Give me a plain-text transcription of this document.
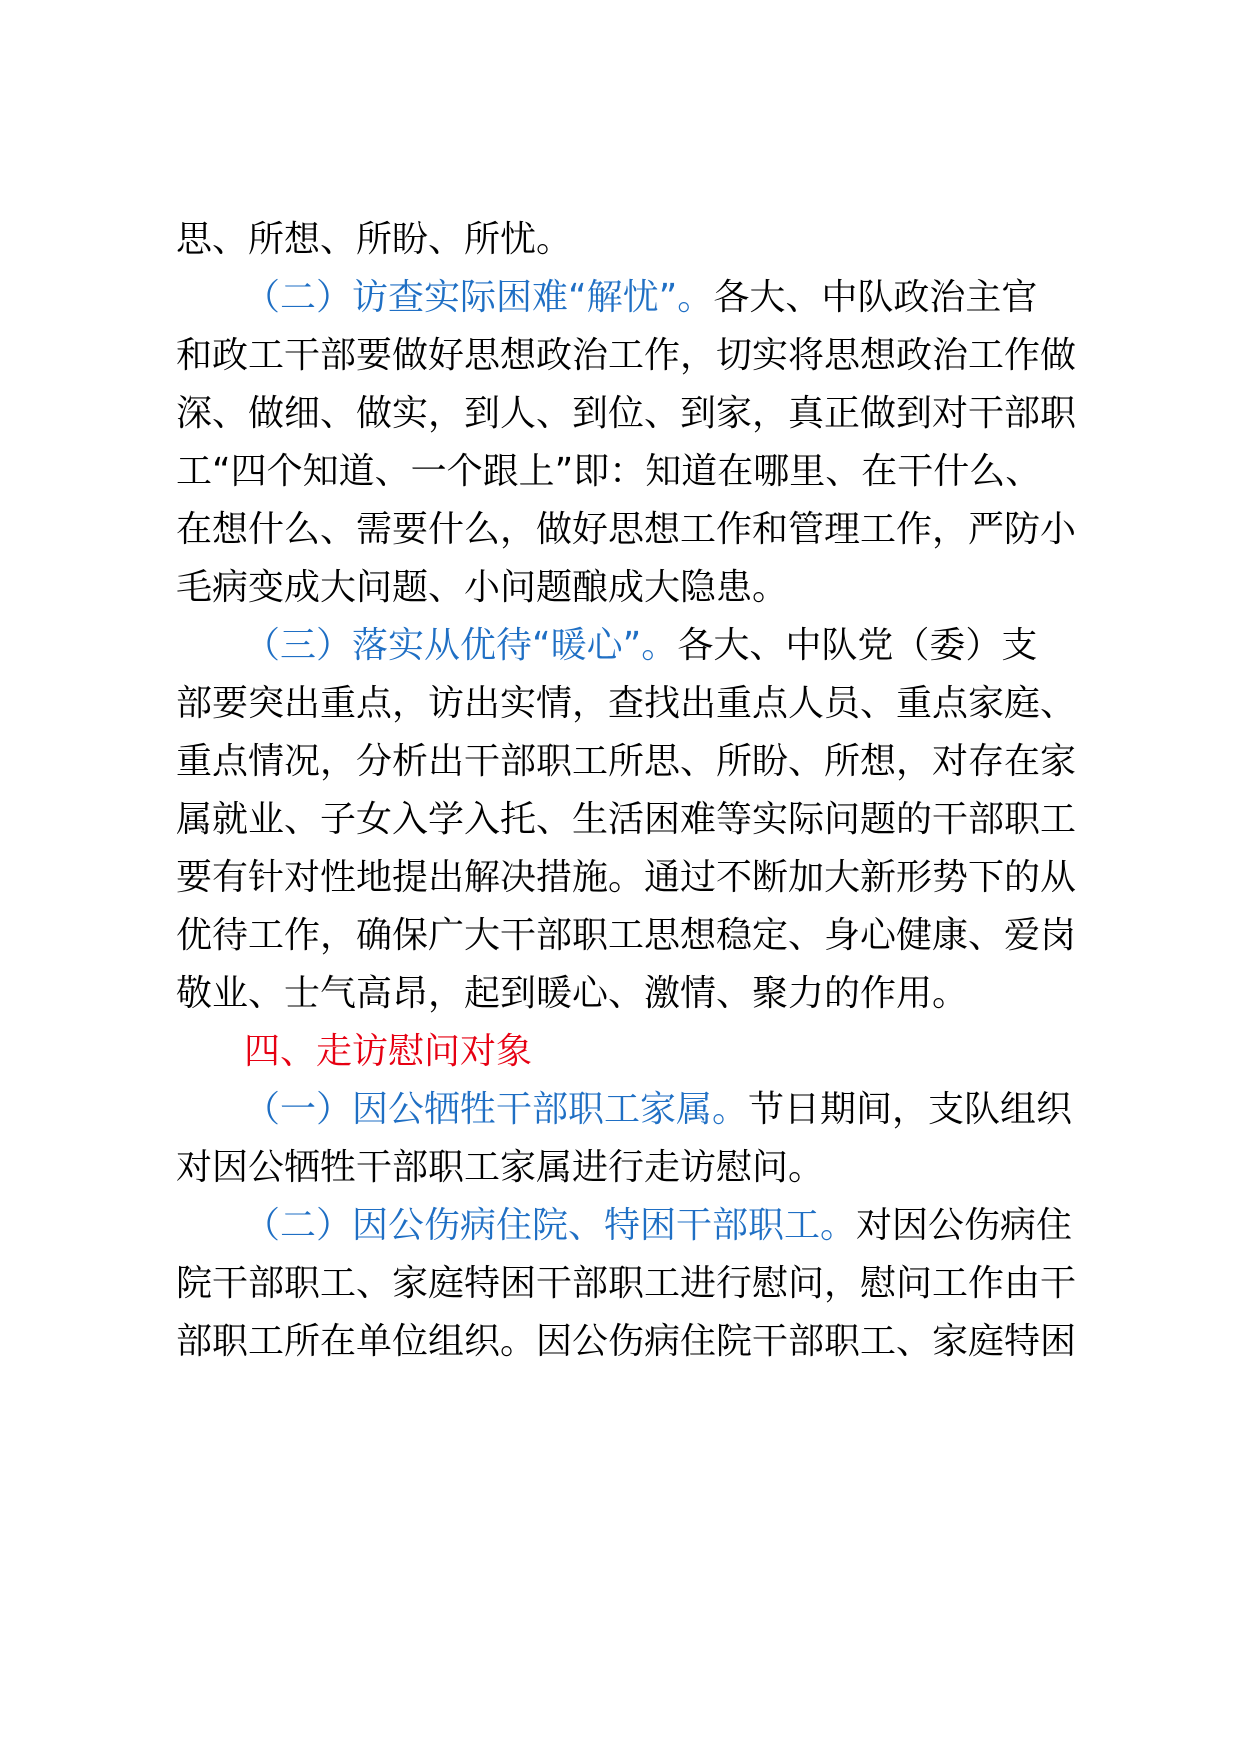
思、所想、所盼、所忧。
（二）访查实际困难“解忧”。各大、中队政治主官
和政工干部要做好思想政治工作，切实将思想政治工作做
深、做细、做实，到人、到位、到家，真正做到对干部职
工“四个知道、一个跟上”即：知道在哪里、在干什么、
在想什么、需要什么，做好思想工作和管理工作，严防小
毛病变成大问题、小问题酿成大隐患。
（三）落实从优待“暖心”。各大、中队党（委）支
部要突出重点，访出实情，查找出重点人员、重点家庭、
重点情况，分析出干部职工所思、所盼、所想，对存在家
属就业、子女入学入托、生活困难等实际问题的干部职工
要有针对性地提出解决措施。通过不断加大新形势下的从
优待工作，确保广大干部职工思想稳定、身心健康、爱岗
敬业、士气高昂，起到暖心、激情、聚力的作用。
四、走访慰问对象
（一）因公牺牲干部职工家属。节日期间，支队组织
对因公牺牲干部职工家属进行走访慰问。
（二）因公伤病住院、特困干部职工。对因公伤病住
院干部职工、家庭特困干部职工进行慰问，慰问工作由干
部职工所在单位组织。因公伤病住院干部职工、家庭特困
